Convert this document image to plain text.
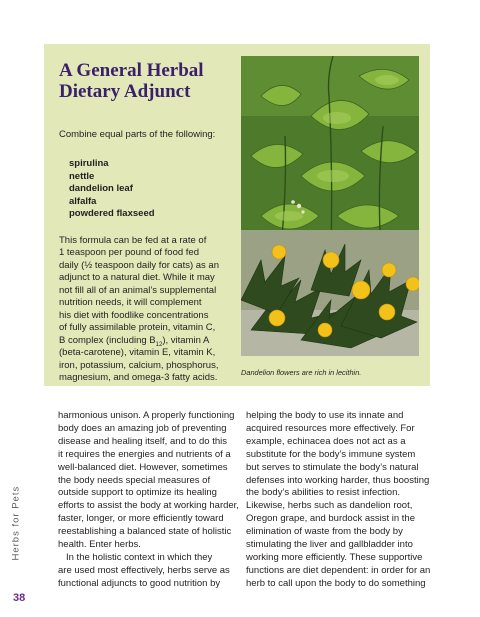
A General Herbal
Dietary Adjunct
Combine equal parts of the following:
spirulina
nettle
dandelion leaf
alfalfa
powdered flaxseed
This formula can be fed at a rate of
1 teaspoon per pound of food fed
daily (½ teaspoon daily for cats) as an
adjunct to a natural diet. While it may
not fill all of an animal’s supplemental
nutrition needs, it will complement
his diet with foodlike concentrations
of fully assimilable protein, vitamin C,
B complex (including $B_{12}$), vitamin A
(beta-carotene), vitamin E, vitamin K,
iron, potassium, calcium, phosphorus,
magnesium, and omega-3 fatty acids.	Dandelion flowers are rich in lecithin.
harmonious unison. A properly functioning
body does an amazing job of preventing
disease and healing itself, and to do this
it requires the energies and nutrients of a
well-balanced diet. However, sometimes
the body needs special measures of
outside support to optimize its healing
efforts to assist the body at working harder,
faster, longer, or more efficiently toward
reestablishing a balanced state of holistic
health. Enter herbs.
In the holistic context in which they
are used most effectively, herbs serve as
functional adjuncts to good nutrition by
helping the body to use its innate and
acquired resources more effectively. For
example, echinacea does not act as a
substitute for the body’s immune system
but serves to stimulate the body’s natural
defenses into working harder, thus boosting
the body’s abilities to resist infection.
Likewise, herbs such as dandelion root,
Oregon grape, and burdock assist in the
elimination of waste from the body by
stimulating the liver and gallbladder into
working more efficiently. These supportive
functions are diet dependent: in order for an
herb to call upon the body to do something
Herbs for Pets
38
